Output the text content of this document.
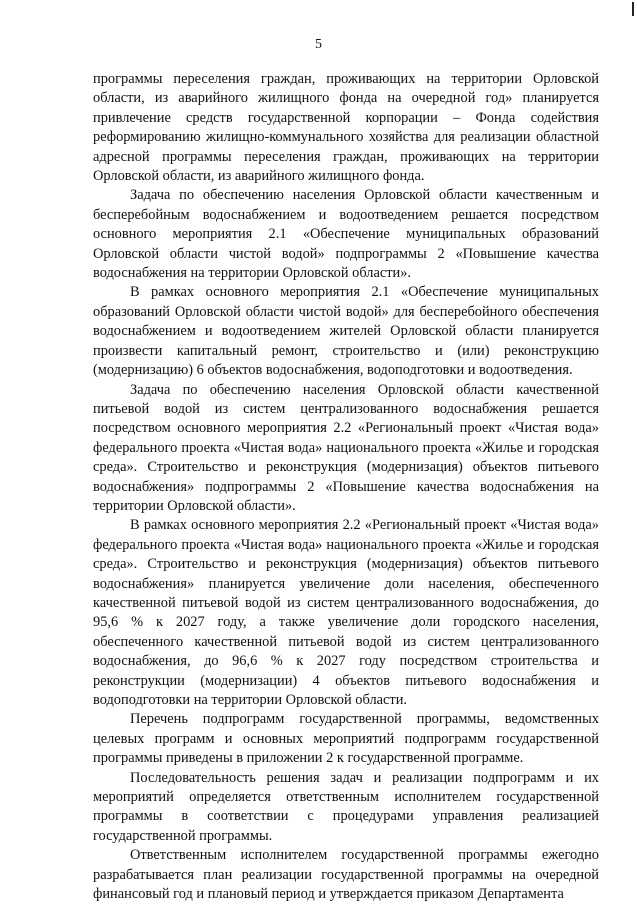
5

программы переселения граждан, проживающих на территории Орловской области, из аварийного жилищного фонда на очередной год» планируется привлечение средств государственной корпорации – Фонда содействия реформированию жилищно-коммунального хозяйства для реализации областной адресной программы переселения граждан, проживающих на территории Орловской области, из аварийного жилищного фонда.

Задача по обеспечению населения Орловской области качественным и бесперебойным водоснабжением и водоотведением решается посредством основного мероприятия 2.1 «Обеспечение муниципальных образований Орловской области чистой водой» подпрограммы 2 «Повышение качества водоснабжения на территории Орловской области».

В рамках основного мероприятия 2.1 «Обеспечение муниципальных образований Орловской области чистой водой» для бесперебойного обеспечения водоснабжением и водоотведением жителей Орловской области планируется произвести капитальный ремонт, строительство и (или) реконструкцию (модернизацию) 6 объектов водоснабжения, водоподготовки и водоотведения.

Задача по обеспечению населения Орловской области качественной питьевой водой из систем централизованного водоснабжения решается посредством основного мероприятия 2.2 «Региональный проект «Чистая вода» федерального проекта «Чистая вода» национального проекта «Жилье и городская среда». Строительство и реконструкция (модернизация) объектов питьевого водоснабжения» подпрограммы 2 «Повышение качества водоснабжения на территории Орловской области».

В рамках основного мероприятия 2.2 «Региональный проект «Чистая вода» федерального проекта «Чистая вода» национального проекта «Жилье и городская среда». Строительство и реконструкция (модернизация) объектов питьевого водоснабжения» планируется увеличение доли населения, обеспеченного качественной питьевой водой из систем централизованного водоснабжения, до 95,6 % к 2027 году, а также увеличение доли городского населения, обеспеченного качественной питьевой водой из систем централизованного водоснабжения, до 96,6 % к 2027 году посредством строительства и реконструкции (модернизации) 4 объектов питьевого водоснабжения и водоподготовки на территории Орловской области.

Перечень подпрограмм государственной программы, ведомственных целевых программ и основных мероприятий подпрограмм государственной программы приведены в приложении 2 к государственной программе.

Последовательность решения задач и реализации подпрограмм и их мероприятий определяется ответственным исполнителем государственной программы в соответствии с процедурами управления реализацией государственной программы.

Ответственным исполнителем государственной программы ежегодно разрабатывается план реализации государственной программы на очередной финансовый год и плановый период и утверждается приказом Департамента
